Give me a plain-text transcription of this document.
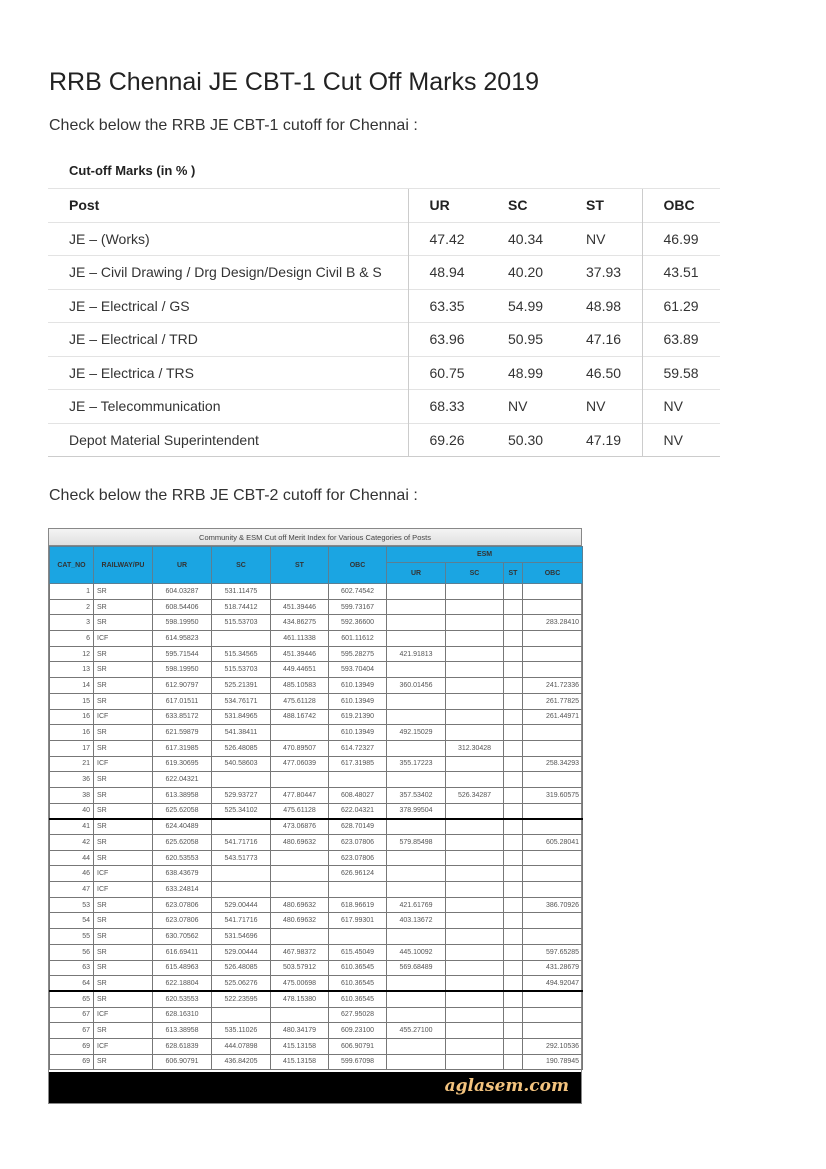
RRB Chennai JE CBT-1 Cut Off Marks 2019

Check below the RRB JE CBT-1 cutoff for Chennai :

Cut-off Marks (in % )
Post	UR	SC	ST	OBC
JE – (Works)	47.42	40.34	NV	46.99
JE – Civil Drawing / Drg Design/Design Civil B & S	48.94	40.20	37.93	43.51
JE – Electrical / GS	63.35	54.99	48.98	61.29
JE – Electrical / TRD	63.96	50.95	47.16	63.89
JE – Electrica / TRS	60.75	48.99	46.50	59.58
JE – Telecommunication	68.33	NV	NV	NV
Depot Material Superintendent	69.26	50.30	47.19	NV

Check below the RRB JE CBT-2 cutoff for Chennai :

Community & ESM Cut off Merit Index for Various Categories of Posts
CAT_NO	RAILWAY/PU	UR	SC	ST	OBC	ESM			
						UR	SC	ST	OBC
1	SR	604.03287	531.11475		602.74542				
2	SR	608.54406	518.74412	451.39446	599.73167				
3	SR	598.19950	515.53703	434.86275	592.36600				283.28410
6	ICF	614.95823		461.11338	601.11612				
12	SR	595.71544	515.34565	451.39446	595.28275	421.91813			
13	SR	598.19950	515.53703	449.44651	593.70404				
14	SR	612.90797	525.21391	485.10583	610.13949	360.01456			241.72336
15	SR	617.01511	534.76171	475.61128	610.13949				261.77825
16	ICF	633.85172	531.84965	488.16742	619.21390				261.44971
16	SR	621.59879	541.38411		610.13949	492.15029			
17	SR	617.31985	526.48085	470.89507	614.72327		312.30428		
21	ICF	619.30695	540.58603	477.06039	617.31985	355.17223			258.34293
36	SR	622.04321							
38	SR	613.38958	529.93727	477.80447	608.48027	357.53402	526.34287		319.60575
40	SR	625.62058	525.34102	475.61128	622.04321	378.99504			
41	SR	624.40489		473.06876	628.70149				
42	SR	625.62058	541.71716	480.69632	623.07806	579.85498			605.28041
44	SR	620.53553	543.51773		623.07806				
46	ICF	638.43679			626.96124				
47	ICF	633.24814							
53	SR	623.07806	529.00444	480.69632	618.96619	421.61769			386.70926
54	SR	623.07806	541.71716	480.69632	617.99301	403.13672			
55	SR	630.70562	531.54696						
56	SR	616.69411	529.00444	467.98372	615.45049	445.10092			597.65285
63	SR	615.48963	526.48085	503.57912	610.36545	569.68489			431.28679
64	SR	622.18804	525.06276	475.00698	610.36545				494.92047
65	SR	620.53553	522.23595	478.15380	610.36545				
67	ICF	628.16310			627.95028				
67	SR	613.38958	535.11026	480.34179	609.23100	455.27100			
69	ICF	628.61839	444.07898	415.13158	606.90791				292.10536
69	SR	606.90791	436.84205	415.13158	599.67098				190.78945
aglasem.com
